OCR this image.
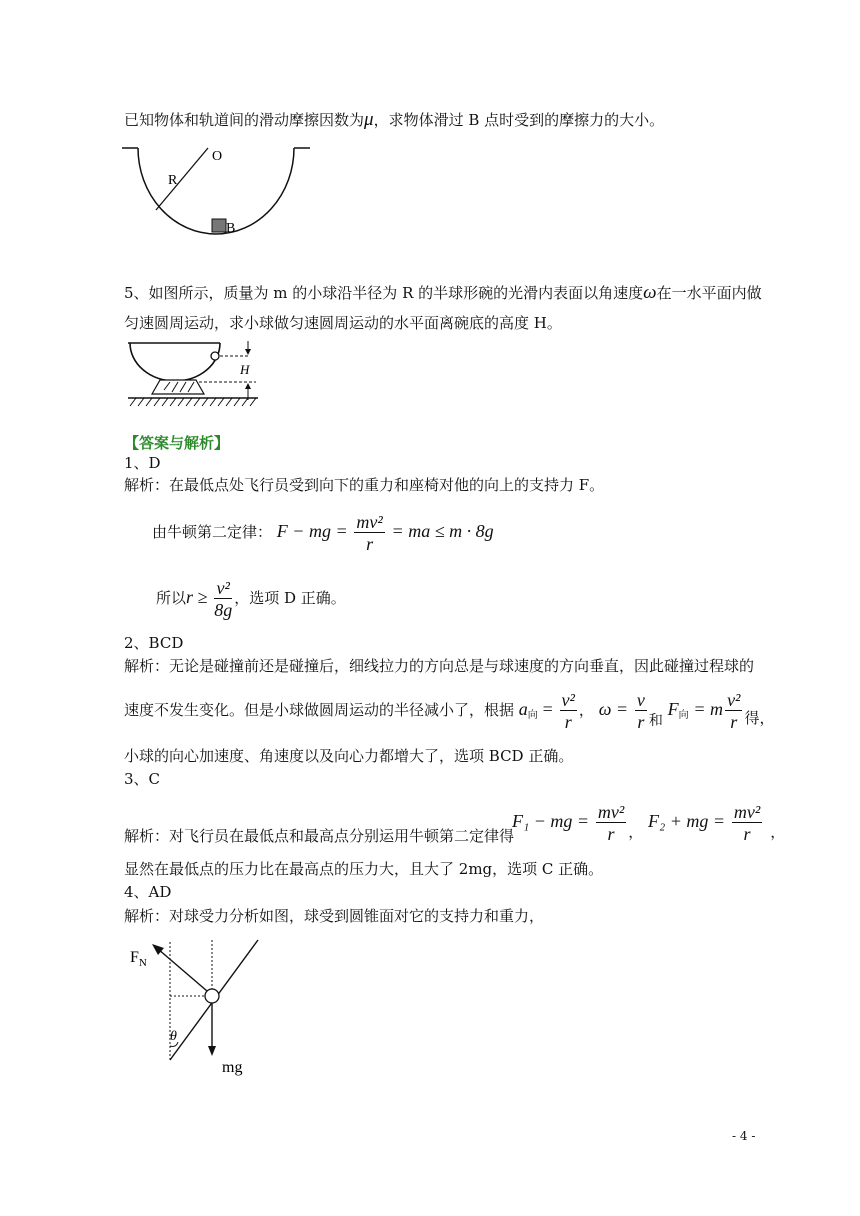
已知物体和轨道间的滑动摩擦因数为μ，求物体滑过 B 点时受到的摩擦力的大小。
O
R
B
5、如图所示，质量为 m 的小球沿半径为 R 的半球形碗的光滑内表面以角速度ω在一水平面内做
匀速圆周运动，求小球做匀速圆周运动的水平面离碗底的高度 H。
H
【答案与解析】
1、D
解析：在最低点处飞行员受到向下的重力和座椅对他的向上的支持力 F。
由牛顿第二定律： F − mg = $\frac{\text{mv²}}{r}$ = ma ≤ m · 8g
所以$r \ge \frac{\text{v²}}{8g}$ ，选项 D 正确。
2、BCD
解析：无论是碰撞前还是碰撞后，细线拉力的方向总是与球速度的方向垂直，因此碰撞过程球的
速度不发生变化。但是小球做圆周运动的半径减小了，根据 $a_向 = \frac{\text{v²}}{r}$ ， $\omega = \frac{v}{r}$ 和 $F_向 = m \frac{\text{v²}}{r}$ 得，
小球的向心加速度、角速度以及向心力都增大了，选项 BCD 正确。
3、C
解析：对飞行员在最低点和最高点分别运用牛顿第二定律得
F₁ − mg = $\frac{\text{mv²}}{r}$ ， F₂ + mg = $\frac{\text{mv²}}{r}$ ，
显然在最低点的压力比在最高点的压力大，且大了 2mg，选项 C 正确。
4、AD
解析：对球受力分析如图，球受到圆锥面对它的支持力和重力，
$F_N$
θ
mg
- 4 -
